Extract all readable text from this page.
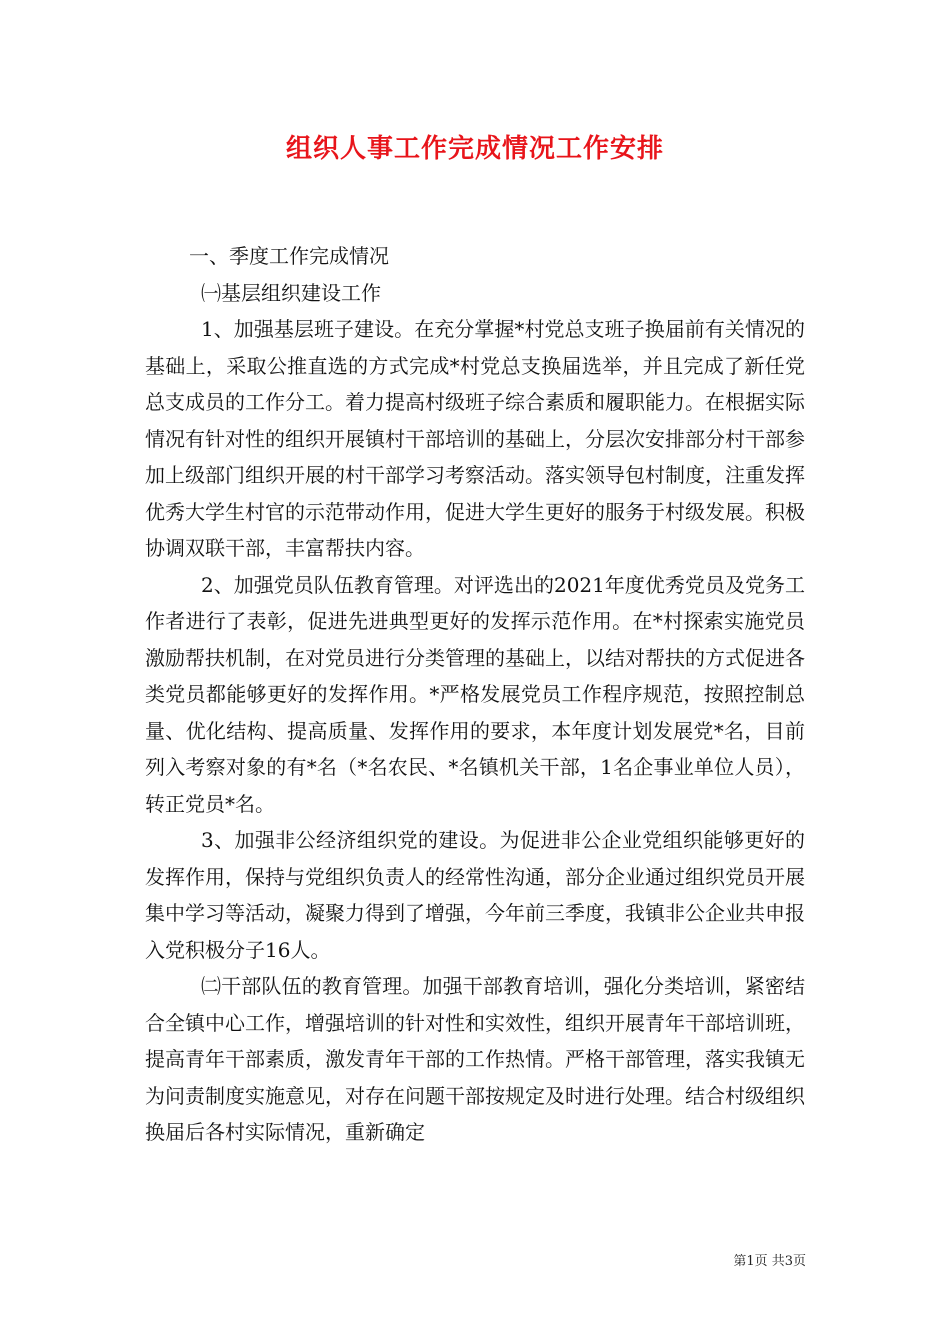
组织人事工作完成情况工作安排

一、季度工作完成情况

㈠基层组织建设工作

1、加强基层班子建设。在充分掌握*村党总支班子换届前有关情况的基础上，采取公推直选的方式完成*村党总支换届选举，并且完成了新任党总支成员的工作分工。着力提高村级班子综合素质和履职能力。在根据实际情况有针对性的组织开展镇村干部培训的基础上，分层次安排部分村干部参加上级部门组织开展的村干部学习考察活动。落实领导包村制度，注重发挥优秀大学生村官的示范带动作用，促进大学生更好的服务于村级发展。积极协调双联干部，丰富帮扶内容。

2、加强党员队伍教育管理。对评选出的2021年度优秀党员及党务工作者进行了表彰，促进先进典型更好的发挥示范作用。在*村探索实施党员激励帮扶机制，在对党员进行分类管理的基础上，以结对帮扶的方式促进各类党员都能够更好的发挥作用。*严格发展党员工作程序规范，按照控制总量、优化结构、提高质量、发挥作用的要求，本年度计划发展党*名，目前列入考察对象的有*名（*名农民、*名镇机关干部，1名企事业单位人员），转正党员*名。

3、加强非公经济组织党的建设。为促进非公企业党组织能够更好的发挥作用，保持与党组织负责人的经常性沟通，部分企业通过组织党员开展集中学习等活动，凝聚力得到了增强，今年前三季度，我镇非公企业共申报入党积极分子16人。

㈡干部队伍的教育管理。加强干部教育培训，强化分类培训，紧密结合全镇中心工作，增强培训的针对性和实效性，组织开展青年干部培训班，提高青年干部素质，激发青年干部的工作热情。严格干部管理，落实我镇无为问责制度实施意见，对存在问题干部按规定及时进行处理。结合村级组织换届后各村实际情况，重新确定

第1页 共3页
